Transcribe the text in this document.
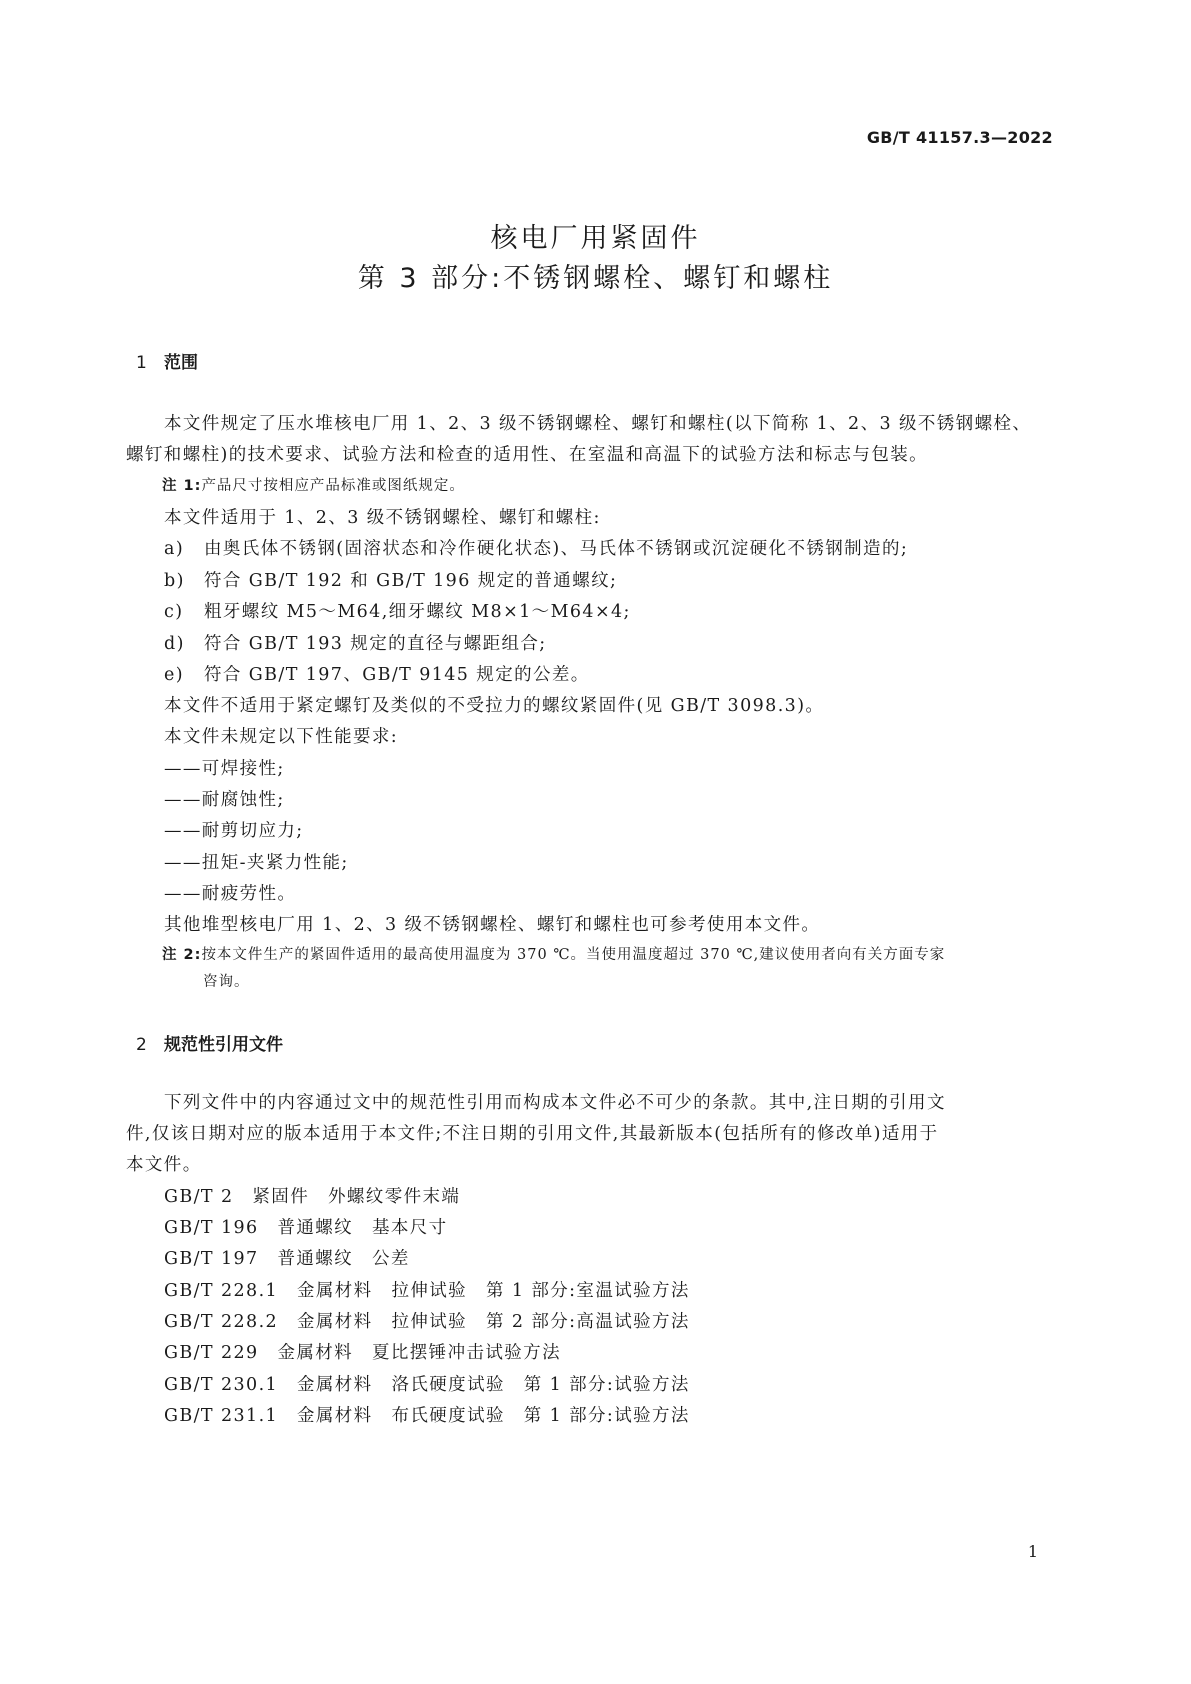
GB/T 41157.3—2022
核电厂用紧固件
第 3 部分:不锈钢螺栓、螺钉和螺柱
1 范围
本文件规定了压水堆核电厂用 1、2、3 级不锈钢螺栓、螺钉和螺柱(以下简称 1、2、3 级不锈钢螺栓、
螺钉和螺柱)的技术要求、试验方法和检查的适用性、在室温和高温下的试验方法和标志与包装。
注 1:产品尺寸按相应产品标准或图纸规定。
本文件适用于 1、2、3 级不锈钢螺栓、螺钉和螺柱:
a) 由奥氏体不锈钢(固溶状态和冷作硬化状态)、马氏体不锈钢或沉淀硬化不锈钢制造的;
b) 符合 GB/T 192 和 GB/T 196 规定的普通螺纹;
c) 粗牙螺纹 M5～M64,细牙螺纹 M8×1～M64×4;
d) 符合 GB/T 193 规定的直径与螺距组合;
e) 符合 GB/T 197、GB/T 9145 规定的公差。
本文件不适用于紧定螺钉及类似的不受拉力的螺纹紧固件(见 GB/T 3098.3)。
本文件未规定以下性能要求:
——可焊接性;
——耐腐蚀性;
——耐剪切应力;
——扭矩-夹紧力性能;
——耐疲劳性。
其他堆型核电厂用 1、2、3 级不锈钢螺栓、螺钉和螺柱也可参考使用本文件。
注 2:按本文件生产的紧固件适用的最高使用温度为 370 ℃。当使用温度超过 370 ℃,建议使用者向有关方面专家
咨询。
2 规范性引用文件
下列文件中的内容通过文中的规范性引用而构成本文件必不可少的条款。其中,注日期的引用文
件,仅该日期对应的版本适用于本文件;不注日期的引用文件,其最新版本(包括所有的修改单)适用于
本文件。
GB/T 2　紧固件　外螺纹零件末端
GB/T 196　普通螺纹　基本尺寸
GB/T 197　普通螺纹　公差
GB/T 228.1　金属材料　拉伸试验　第 1 部分:室温试验方法
GB/T 228.2　金属材料　拉伸试验　第 2 部分:高温试验方法
GB/T 229　金属材料　夏比摆锤冲击试验方法
GB/T 230.1　金属材料　洛氏硬度试验　第 1 部分:试验方法
GB/T 231.1　金属材料　布氏硬度试验　第 1 部分:试验方法
1
